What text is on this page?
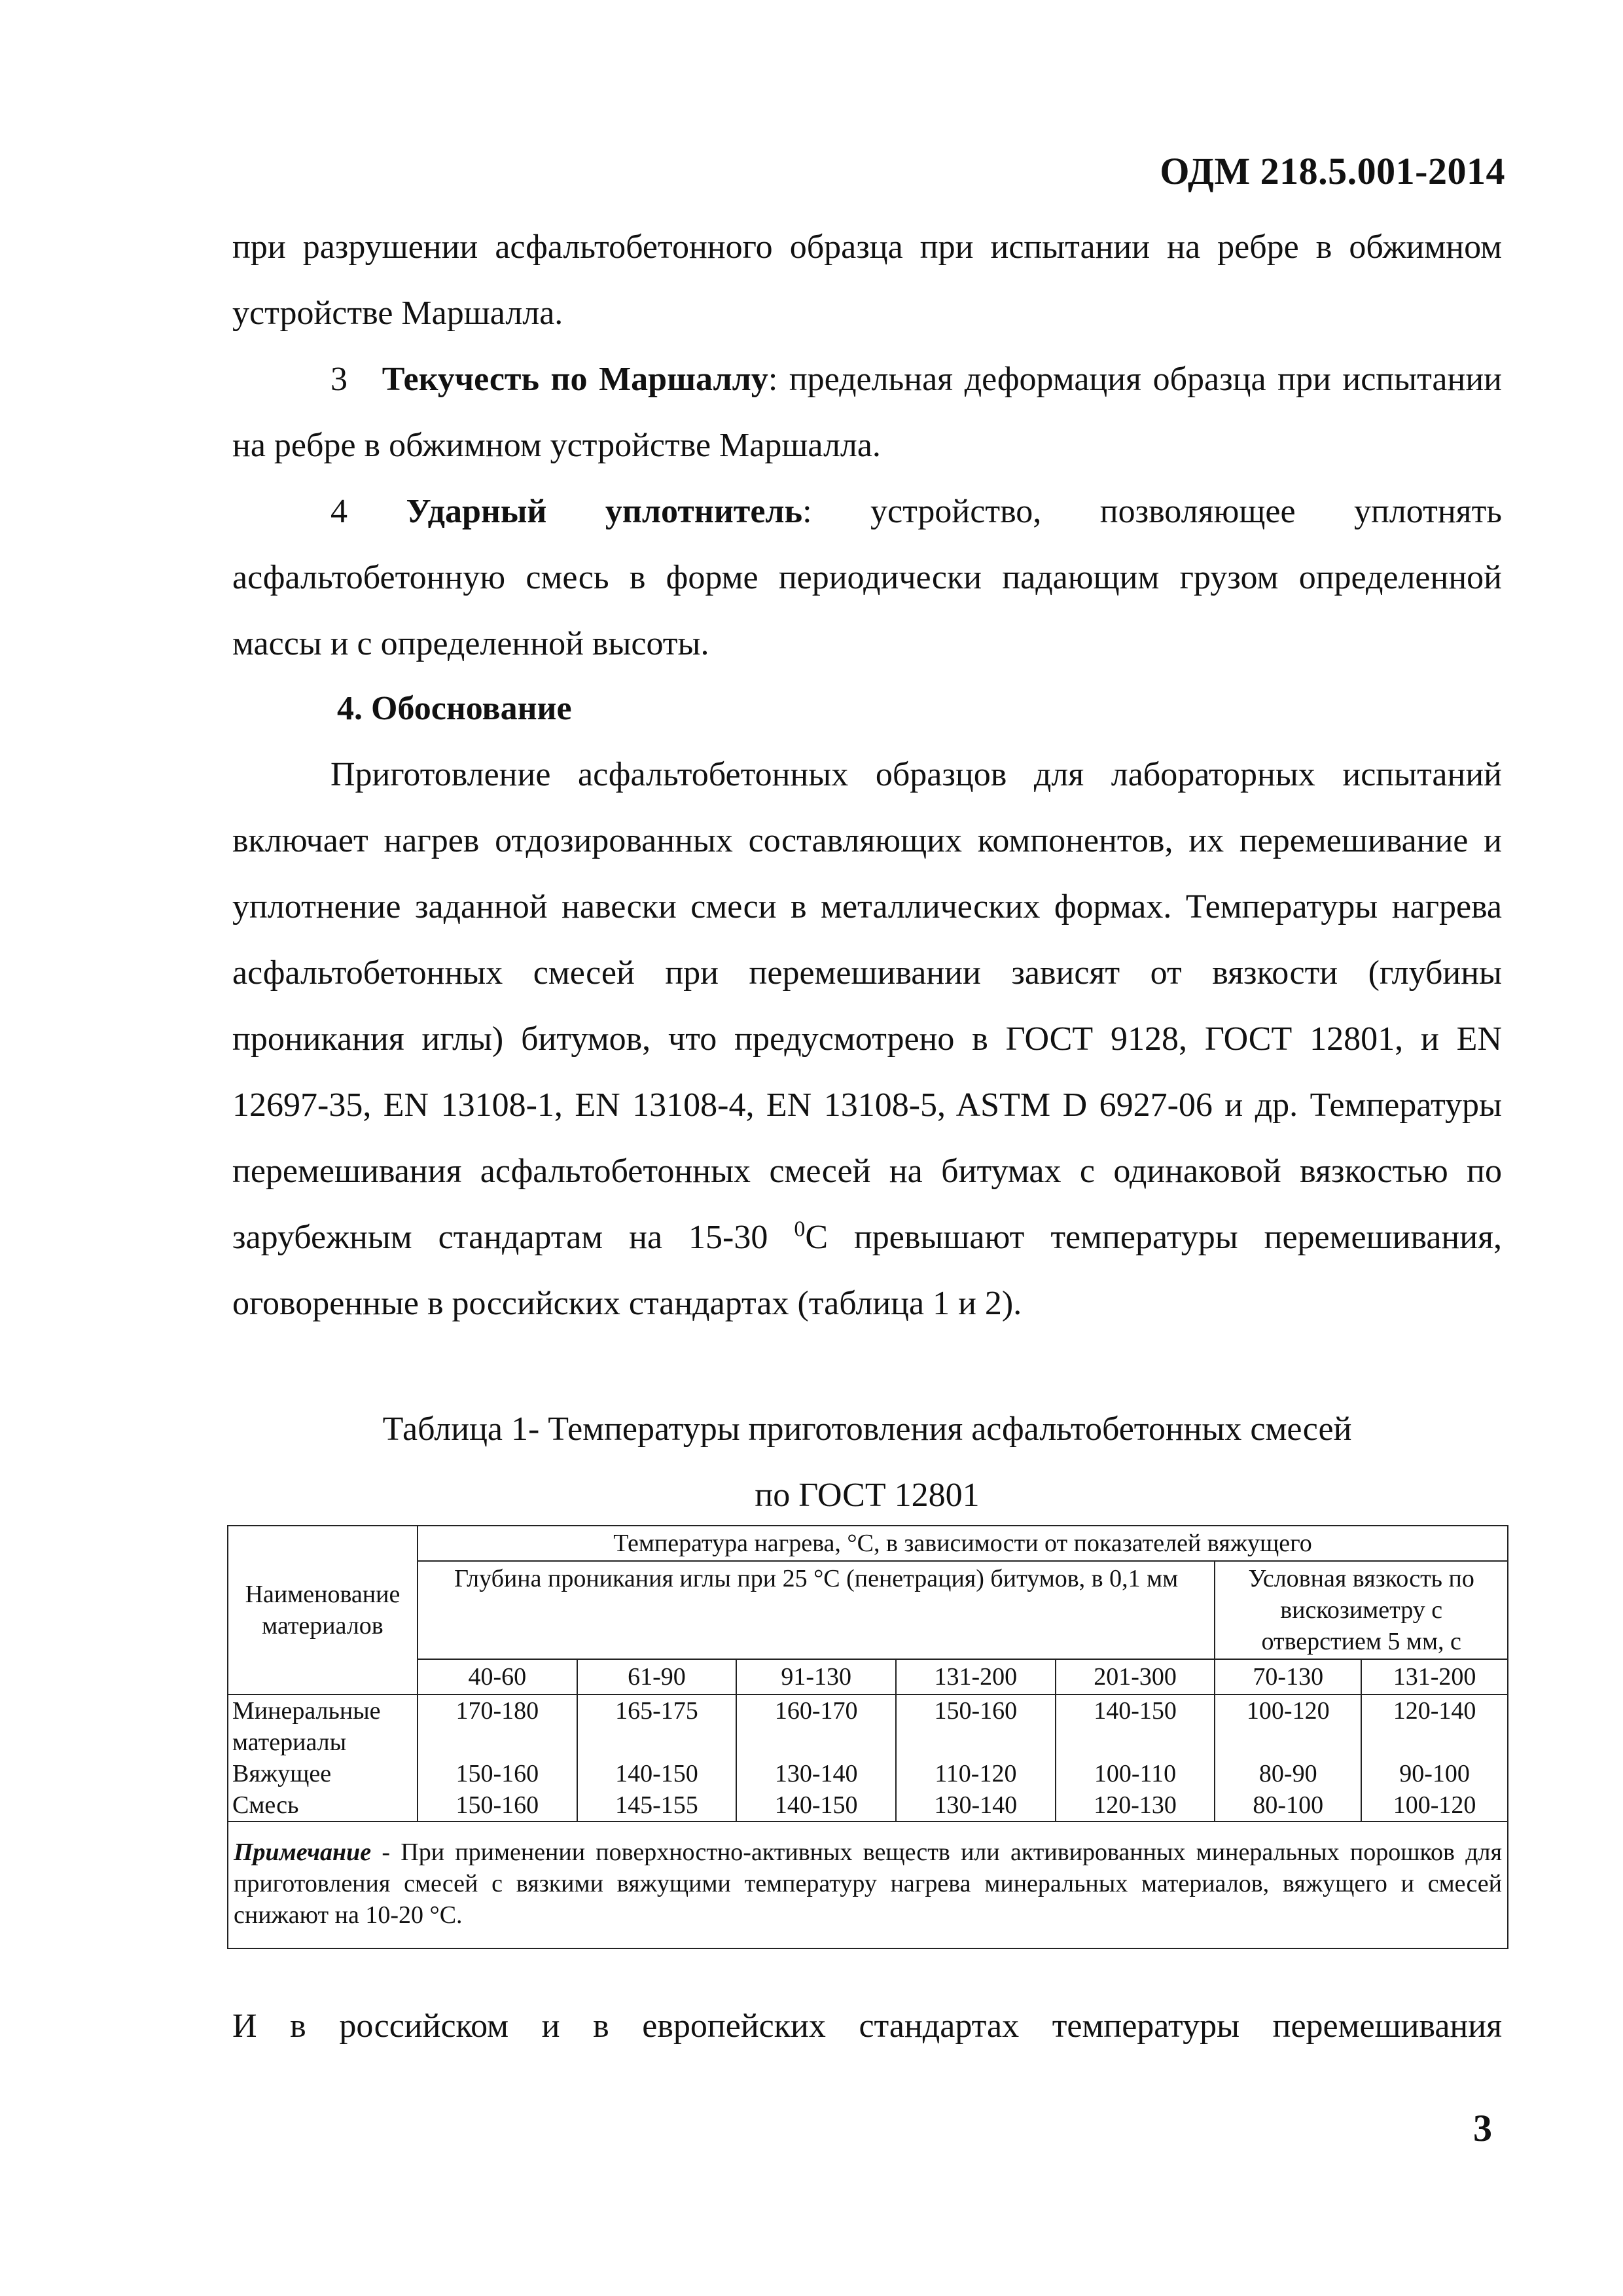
ОДМ 218.5.001-2014
при разрушении асфальтобетонного образца при испытании на ребре в обжимном устройстве Маршалла.
3 Текучесть по Маршаллу: предельная деформация образца при испытании на ребре в обжимном устройстве Маршалла.
4 Ударный уплотнитель: устройство, позволяющее уплотнять асфальтобетонную смесь в форме периодически падающим грузом определенной массы и с определенной высоты.
4. Обоснование
Приготовление асфальтобетонных образцов для лабораторных испытаний включает нагрев отдозированных составляющих компонентов, их перемешивание и уплотнение заданной навески смеси в металлических формах. Температуры нагрева асфальтобетонных смесей при перемешивании зависят от вязкости (глубины проникания иглы) битумов, что предусмотрено в ГОСТ 9128, ГОСТ 12801, и EN 12697-35, EN 13108-1, EN 13108-4, EN 13108-5, ASTM D 6927-06 и др. Температуры перемешивания асфальтобетонных смесей на битумах с одинаковой вязкостью по зарубежным стандартам на 15-30 $^0$С превышают температуры перемешивания, оговоренные в российских стандартах (таблица 1 и 2).
Таблица 1- Температуры приготовления асфальтобетонных смесей
по ГОСТ 12801
Наименование материалов	Температура нагрева, °С, в зависимости от показателей вяжущего						
	Глубина проникания иглы при 25 °С (пенетрация) битумов, в 0,1 мм					Условная вязкость по вискозиметру с отверстием 5 мм, с	
	40-60	61-90	91-130	131-200	201-300	70-130	131-200
Минеральные материалы	170-180	165-175	160-170	150-160	140-150	100-120	120-140
Вяжущее	150-160	140-150	130-140	110-120	100-110	80-90	90-100
Смесь	150-160	145-155	140-150	130-140	120-130	80-100	100-120
Примечание - При применении поверхностно-активных веществ или активированных минеральных порошков для приготовления смесей с вязкими вяжущими температуру нагрева минеральных материалов, вяжущего и смесей снижают на 10-20 °С.							
И в российском и в европейских стандартах температуры перемешивания
3
